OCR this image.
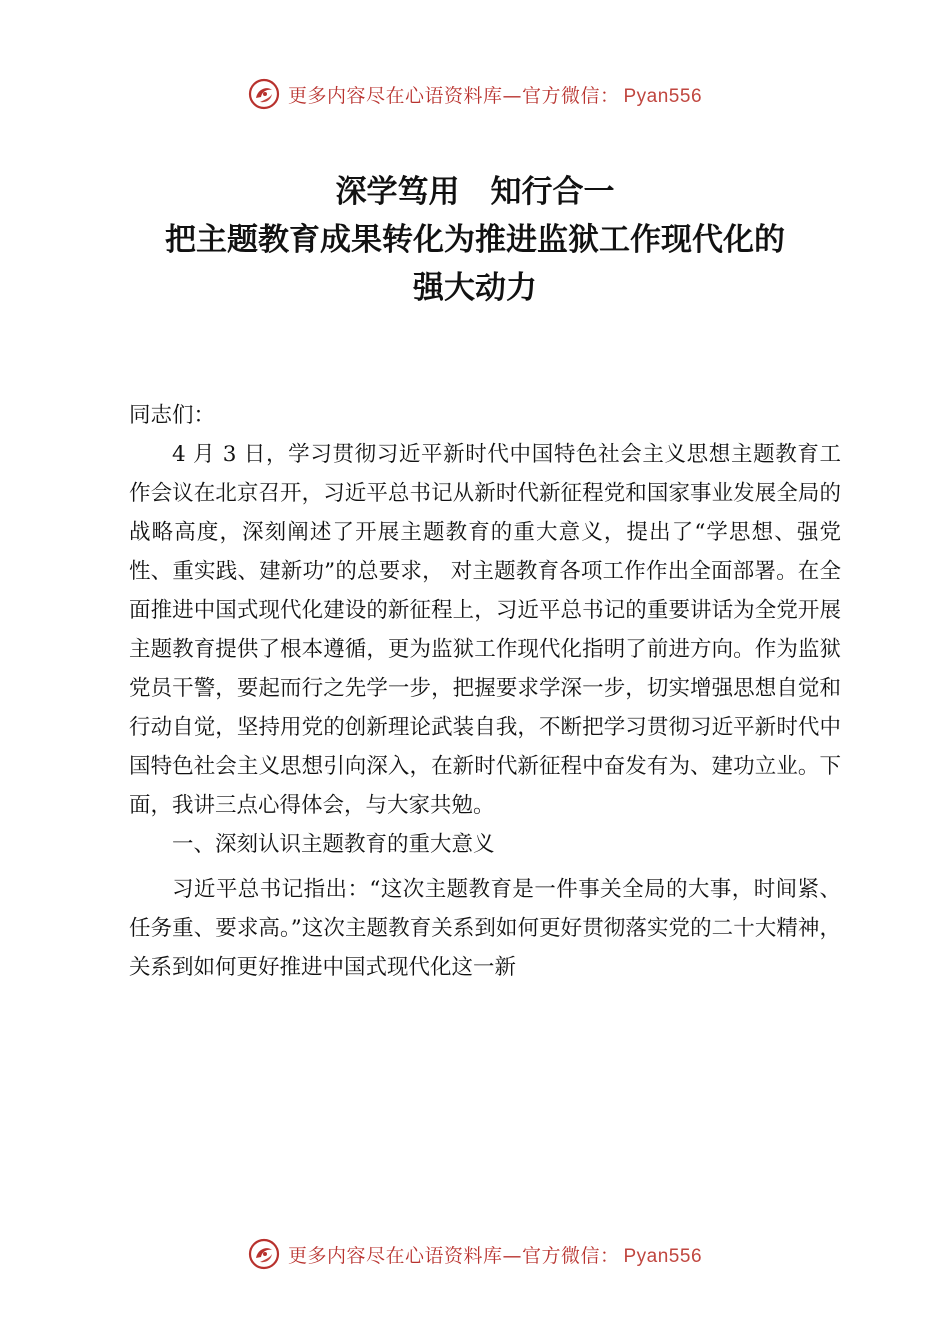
更多内容尽在心语资料库—官方微信： Pyan556
深学笃用　知行合一
把主题教育成果转化为推进监狱工作现代化的
强大动力

同志们：

4 月 3 日，学习贯彻习近平新时代中国特色社会主义思想主题教育工作会议在北京召开，习近平总书记从新时代新征程党和国家事业发展全局的战略高度，深刻阐述了开展主题教育的重大意义，提出了“学思想、强党性、重实践、建新功”的总要求， 对主题教育各项工作作出全面部署。在全面推进中国式现代化建设的新征程上，习近平总书记的重要讲话为全党开展主题教育提供了根本遵循，更为监狱工作现代化指明了前进方向。作为监狱党员干警，要起而行之先学一步，把握要求学深一步，切实增强思想自觉和行动自觉，坚持用党的创新理论武装自我，不断把学习贯彻习近平新时代中国特色社会主义思想引向深入，在新时代新征程中奋发有为、建功立业。下面，我讲三点心得体会，与大家共勉。

一、深刻认识主题教育的重大意义

习近平总书记指出：“这次主题教育是一件事关全局的大事，时间紧、任务重、要求高。”这次主题教育关系到如何更好贯彻落实党的二十大精神，关系到如何更好推进中国式现代化这一新

更多内容尽在心语资料库—官方微信： Pyan556
